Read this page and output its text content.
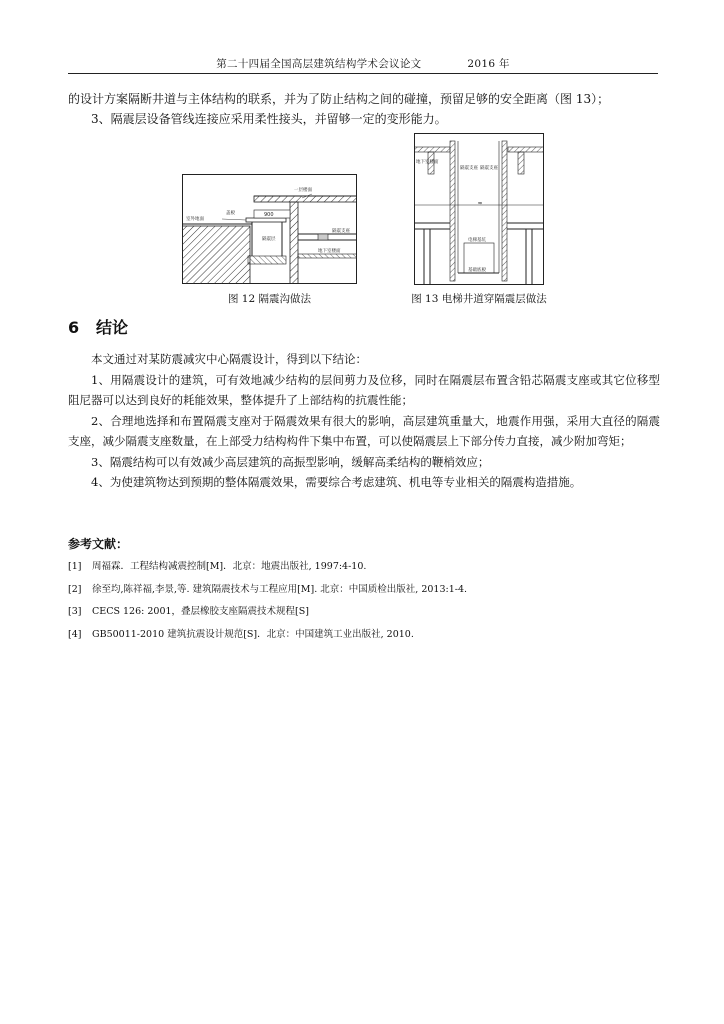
第二十四届全国高层建筑结构学术会议论文	2016 年

的设计方案隔断井道与主体结构的联系，并为了防止结构之间的碰撞，预留足够的安全距离（图 13）；

3、隔震层设备管线连接应采用柔性接头，并留够一定的变形能力。

一层楼面
室外地面
盖板	900
隔震层
隔震支座
地下室楼面
图 12 隔震沟做法
≈
地下室楼面
隔震支座 隔震支座
电梯基坑
基础底板
图 13 电梯井道穿隔震层做法
6 结论

本文通过对某防震减灾中心隔震设计，得到以下结论：

1、用隔震设计的建筑，可有效地减少结构的层间剪力及位移，同时在隔震层布置含铅芯隔震支座或其它位移型阻尼器可以达到良好的耗能效果，整体提升了上部结构的抗震性能；

2、合理地选择和布置隔震支座对于隔震效果有很大的影响，高层建筑重量大，地震作用强，采用大直径的隔震支座，减少隔震支座数量，在上部受力结构构件下集中布置，可以使隔震层上下部分传力直接，减少附加弯矩；

3、隔震结构可以有效减少高层建筑的高振型影响，缓解高柔结构的鞭梢效应；

4、为使建筑物达到预期的整体隔震效果，需要综合考虑建筑、机电等专业相关的隔震构造措施。

参考文献：
[1] 周福霖．工程结构减震控制[M]．北京：地震出版社, 1997:4-10.
[2] 徐至均,陈祥福,李景,等. 建筑隔震技术与工程应用[M]. 北京：中国质检出版社, 2013:1-4.
[3] CECS 126: 2001，叠层橡胶支座隔震技术规程[S]
[4] GB50011-2010 建筑抗震设计规范[S]．北京：中国建筑工业出版社, 2010.
